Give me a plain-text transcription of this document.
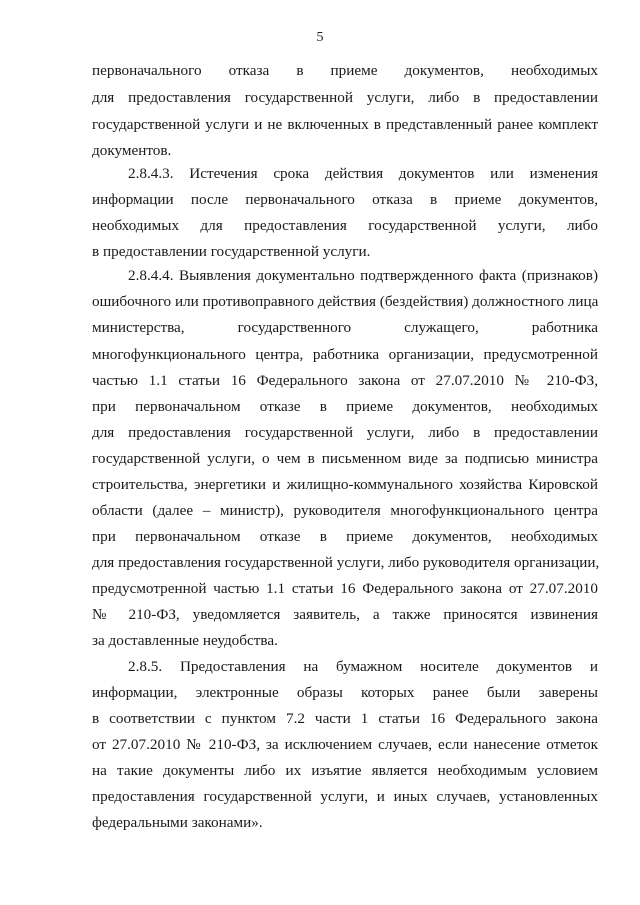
5
первоначального отказа в приеме документов, необходимых
для предоставления государственной услуги, либо в предоставлении
государственной услуги и не включенных в представленный ранее комплект
документов.
2.8.4.3. Истечения срока действия документов или изменения
информации после первоначального отказа в приеме документов,
необходимых для предоставления государственной услуги, либо
в предоставлении государственной услуги.
2.8.4.4. Выявления документально подтвержденного факта (признаков)
ошибочного или противоправного действия (бездействия) должностного лица
министерства, государственного служащего, работника
многофункционального центра, работника организации, предусмотренной
частью 1.1 статьи 16 Федерального закона от 27.07.2010 № 210-ФЗ,
при первоначальном отказе в приеме документов, необходимых
для предоставления государственной услуги, либо в предоставлении
государственной услуги, о чем в письменном виде за подписью министра
строительства, энергетики и жилищно-коммунального хозяйства Кировской
области (далее – министр), руководителя многофункционального центра
при первоначальном отказе в приеме документов, необходимых
для предоставления государственной услуги, либо руководителя организации,
предусмотренной частью 1.1 статьи 16 Федерального закона от 27.07.2010
№ 210-ФЗ, уведомляется заявитель, а также приносятся извинения
за доставленные неудобства.
2.8.5. Предоставления на бумажном носителе документов и
информации, электронные образы которых ранее были заверены
в соответствии с пунктом 7.2 части 1 статьи 16 Федерального закона
от 27.07.2010 № 210-ФЗ, за исключением случаев, если нанесение отметок
на такие документы либо их изъятие является необходимым условием
предоставления государственной услуги, и иных случаев, установленных
федеральными законами».
